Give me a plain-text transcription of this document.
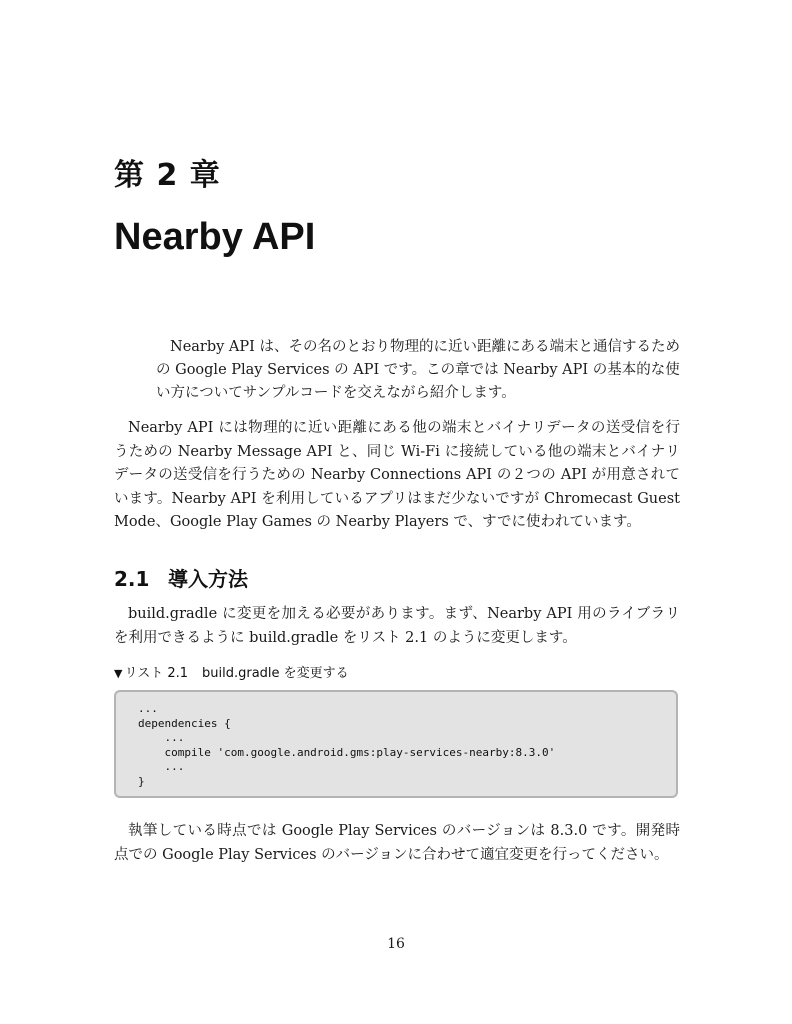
第 2 章
Nearby API

Nearby API は、その名のとおり物理的に近い距離にある端末と通信するための Google Play Services の API です。この章では Nearby API の基本的な使い方についてサンプルコードを交えながら紹介します。

Nearby API には物理的に近い距離にある他の端末とバイナリデータの送受信を行うための Nearby Message API と、同じ Wi-Fi に接続している他の端末とバイナリデータの送受信を行うための Nearby Connections API の２つの API が用意されています。Nearby API を利用しているアプリはまだ少ないですが Chromecast Guest Mode、Google Play Games の Nearby Players で、すでに使われています。

2.1 導入方法

build.gradle に変更を加える必要があります。まず、Nearby API 用のライブラリを利用できるように build.gradle をリスト 2.1 のように変更します。

▼ リスト 2.1 build.gradle を変更する
...
dependencies {
...
compile 'com.google.android.gms:play-services-nearby:8.3.0'
...
}

執筆している時点では Google Play Services のバージョンは 8.3.0 です。開発時点での Google Play Services のバージョンに合わせて適宜変更を行ってください。

16
